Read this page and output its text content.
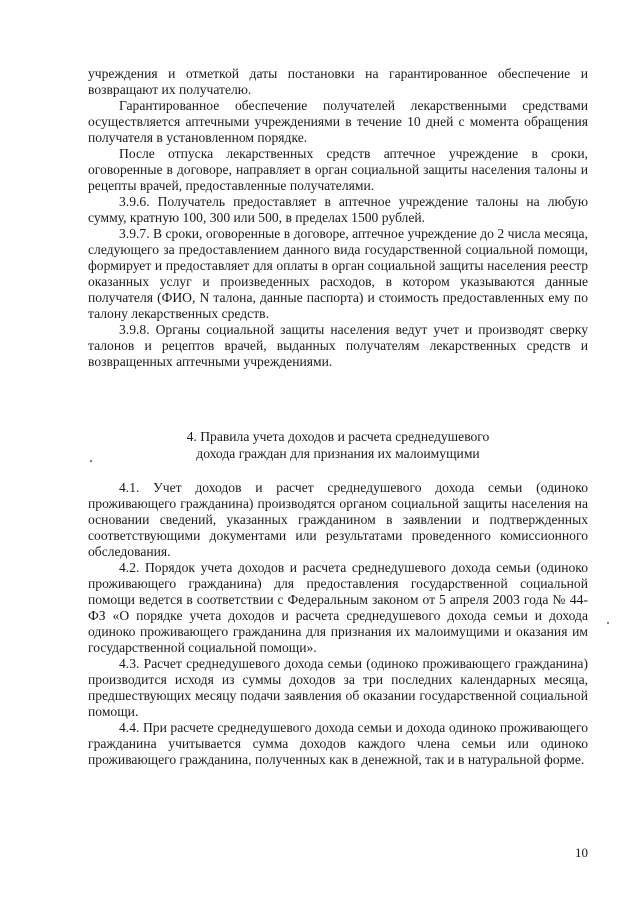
учреждения и отметкой даты постановки на гарантированное обеспечение и возвращают их получателю.

Гарантированное обеспечение получателей лекарственными средствами осуществляется аптечными учреждениями в течение 10 дней с момента обращения получателя в установленном порядке.

После отпуска лекарственных средств аптечное учреждение в сроки, оговоренные в договоре, направляет в орган социальной защиты населения талоны и рецепты врачей, предоставленные получателями.

3.9.6. Получатель предоставляет в аптечное учреждение талоны на любую сумму, кратную 100, 300 или 500, в пределах 1500 рублей.

3.9.7. В сроки, оговоренные в договоре, аптечное учреждение до 2 числа месяца, следующего за предоставлением данного вида государственной социальной помощи, формирует и предоставляет для оплаты в орган социальной защиты населения реестр оказанных услуг и произведенных расходов, в котором указываются данные получателя (ФИО, N талона, данные паспорта) и стоимость предоставленных ему по талону лекарственных средств.

3.9.8. Органы социальной защиты населения ведут учет и производят сверку талонов и рецептов врачей, выданных получателям лекарственных средств и возвращенных аптечными учреждениями.

4. Правила учета доходов и расчета среднедушевого
дохода граждан для признания их малоимущими

4.1. Учет доходов и расчет среднедушевого дохода семьи (одиноко проживающего гражданина) производятся органом социальной защиты населения на основании сведений, указанных гражданином в заявлении и подтвержденных соответствующими документами или результатами проведенного комиссионного обследования.

4.2. Порядок учета доходов и расчета среднедушевого дохода семьи (одиноко проживающего гражданина) для предоставления государственной социальной помощи ведется в соответствии с Федеральным законом от 5 апреля 2003 года № 44-ФЗ «О порядке учета доходов и расчета среднедушевого дохода семьи и дохода одиноко проживающего гражданина для признания их малоимущими и оказания им государственной социальной помощи».

4.3. Расчет среднедушевого дохода семьи (одиноко проживающего гражданина) производится исходя из суммы доходов за три последних календарных месяца, предшествующих месяцу подачи заявления об оказании государственной социальной помощи.

4.4. При расчете среднедушевого дохода семьи и дохода одиноко проживающего гражданина учитывается сумма доходов каждого члена семьи или одиноко проживающего гражданина, полученных как в денежной, так и в натуральной форме.

10
